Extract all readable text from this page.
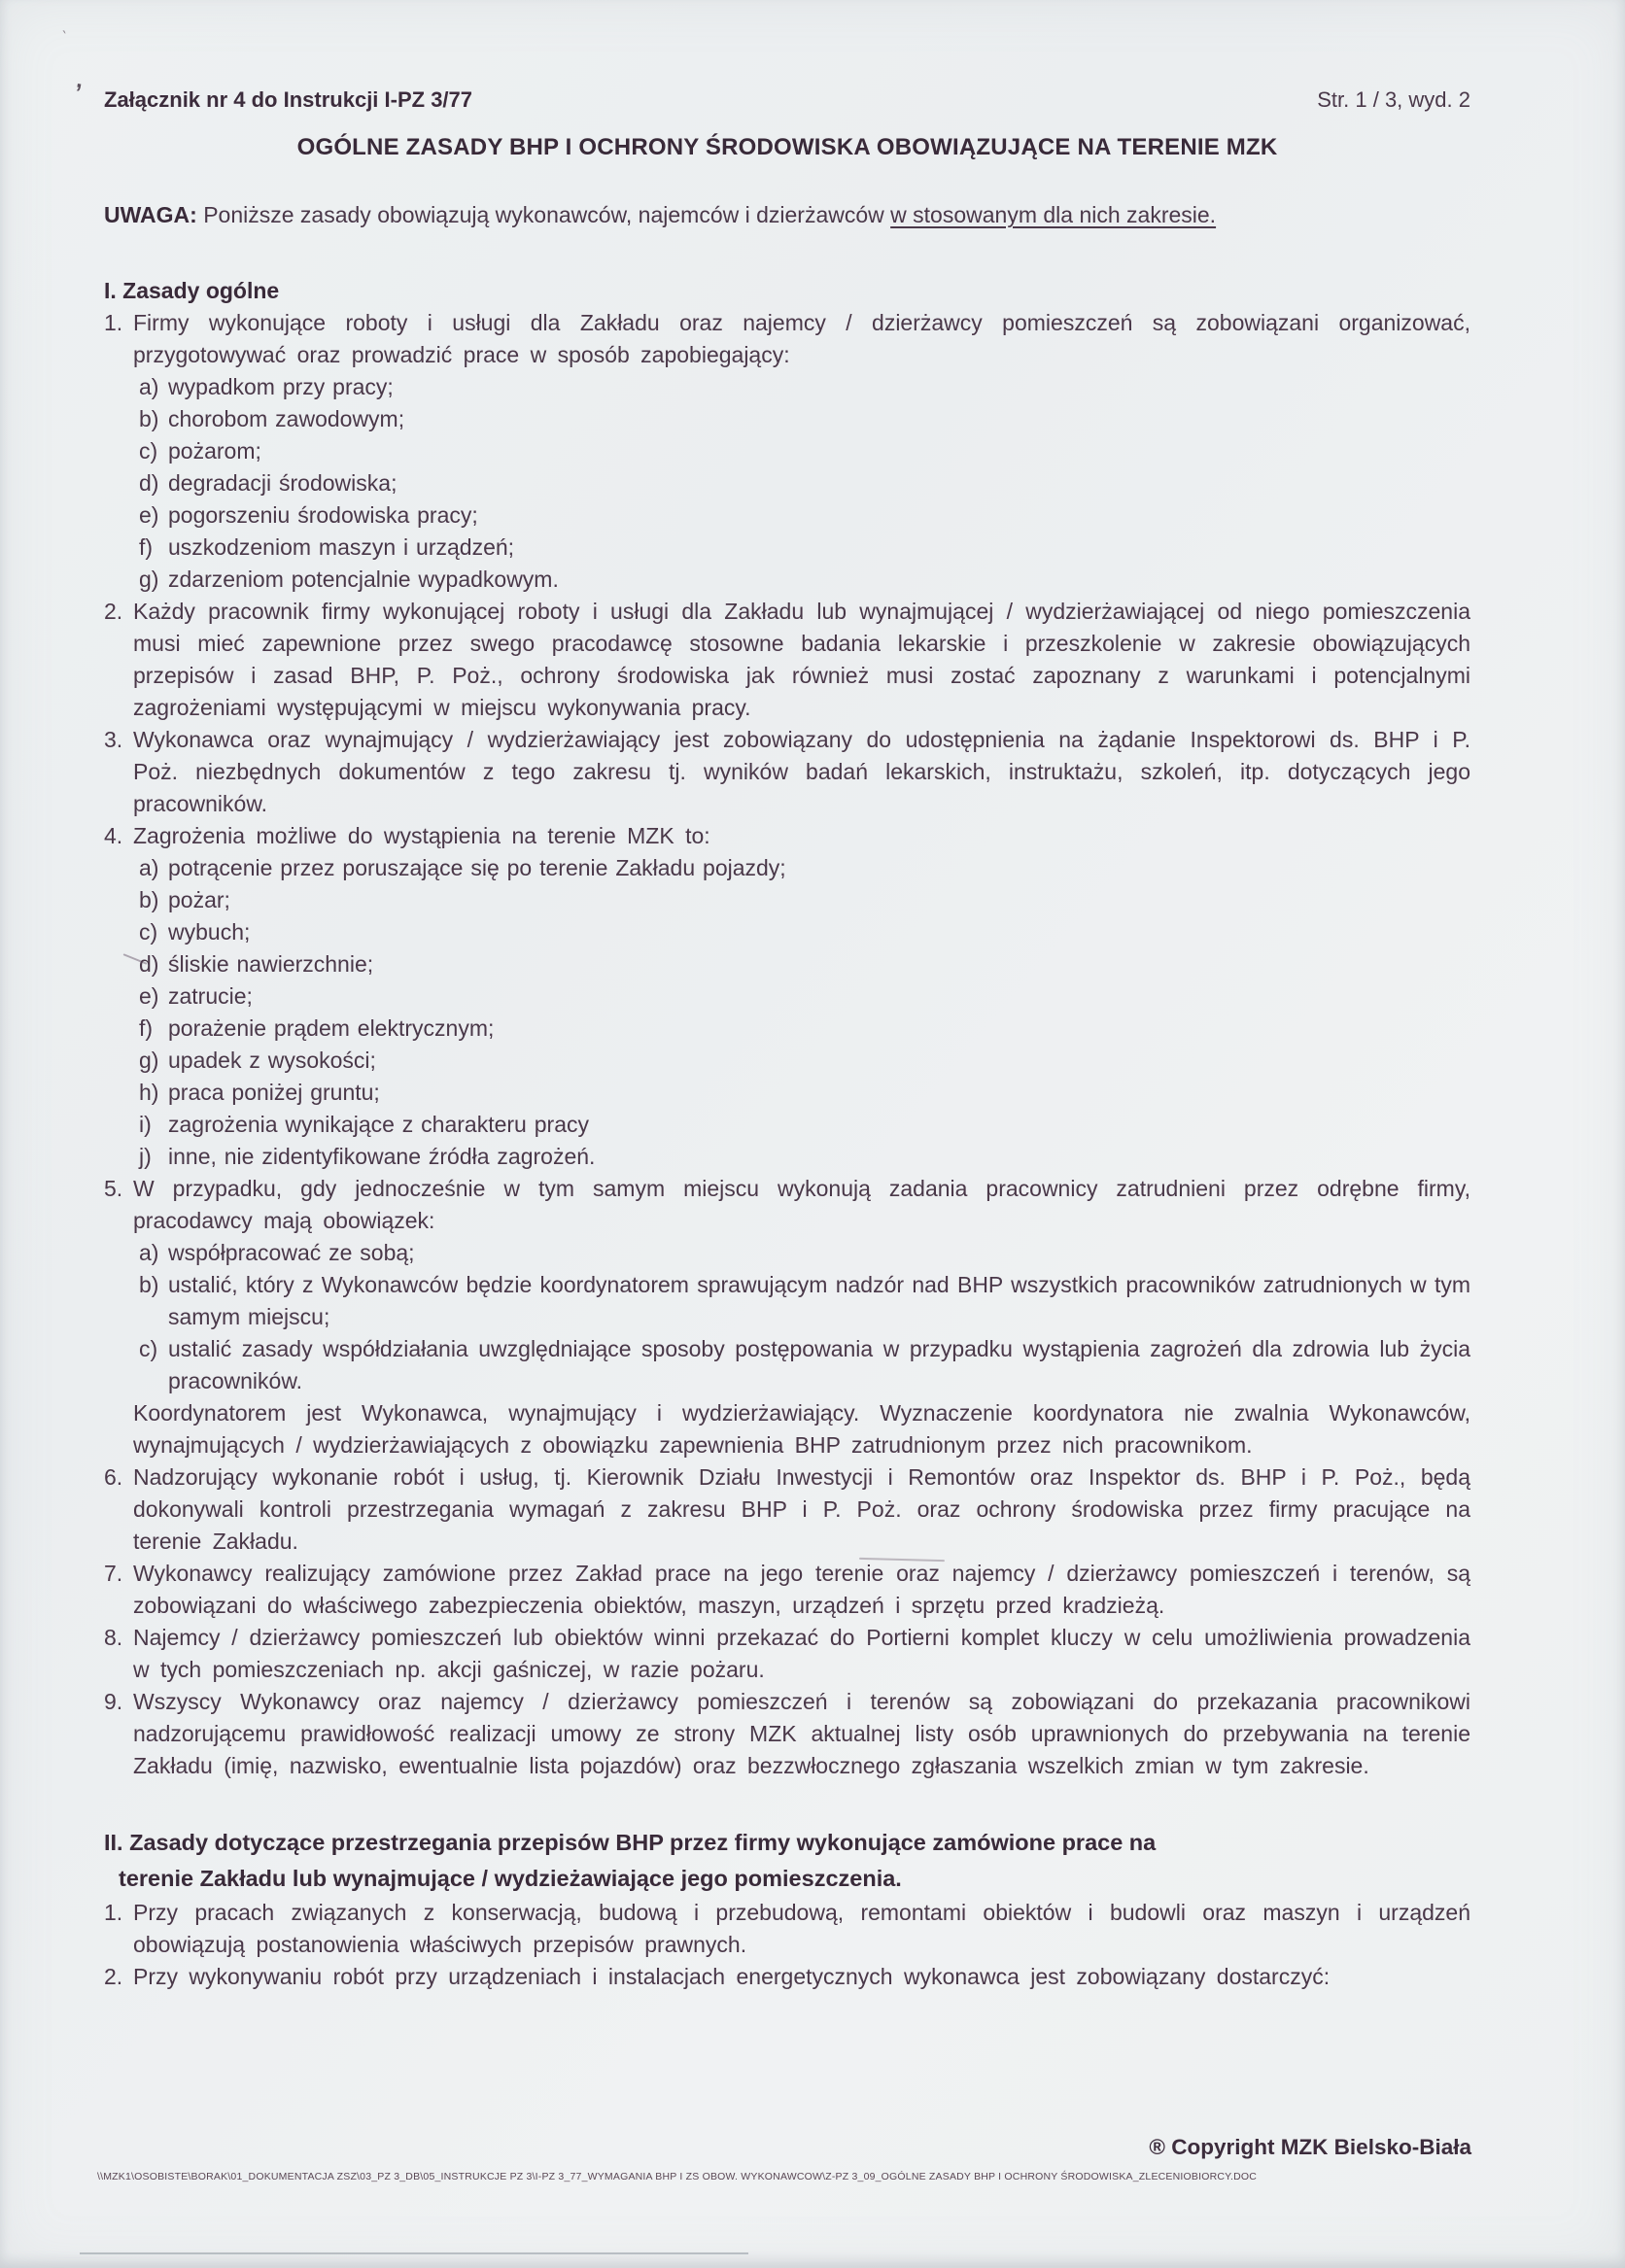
`
,
Załącznik nr 4 do Instrukcji I-PZ 3/77	Str. 1 / 3, wyd. 2
OGÓLNE ZASADY BHP I OCHRONY ŚRODOWISKA OBOWIĄZUJĄCE NA TERENIE MZK

UWAGA: Poniższe zasady obowiązują wykonawców, najemców i dzierżawców w stosowanym dla nich zakresie.

I. Zasady ogólne
1. Firmy wykonujące roboty i usługi dla Zakładu oraz najemcy / dzierżawcy pomieszczeń są zobowiązani organizować, przygotowywać oraz prowadzić prace w sposób zapobiegający:

a) wypadkom przy pracy;

b) chorobom zawodowym;

c) pożarom;

d) degradacji środowiska;

e) pogorszeniu środowiska pracy;

f) uszkodzeniom maszyn i urządzeń;

g) zdarzeniom potencjalnie wypadkowym.

2. Każdy pracownik firmy wykonującej roboty i usługi dla Zakładu lub wynajmującej / wydzierżawiającej od niego pomieszczenia musi mieć zapewnione przez swego pracodawcę stosowne badania lekarskie i przeszkolenie w zakresie obowiązujących przepisów i zasad BHP, P. Poż., ochrony środowiska jak również musi zostać zapoznany z warunkami i potencjalnymi zagrożeniami występującymi w miejscu wykonywania pracy.

3. Wykonawca oraz wynajmujący / wydzierżawiający jest zobowiązany do udostępnienia na żądanie Inspektorowi ds. BHP i P. Poż. niezbędnych dokumentów z tego zakresu tj. wyników badań lekarskich, instruktażu, szkoleń, itp. dotyczących jego pracowników.

4. Zagrożenia możliwe do wystąpienia na terenie MZK to:

a) potrącenie przez poruszające się po terenie Zakładu pojazdy;

b) pożar;

c) wybuch;

d) śliskie nawierzchnie;

e) zatrucie;

f) porażenie prądem elektrycznym;

g) upadek z wysokości;

h) praca poniżej gruntu;

i) zagrożenia wynikające z charakteru pracy

j) inne, nie zidentyfikowane źródła zagrożeń.

5. W przypadku, gdy jednocześnie w tym samym miejscu wykonują zadania pracownicy zatrudnieni przez odrębne firmy, pracodawcy mają obowiązek:

a) współpracować ze sobą;

b) ustalić, który z Wykonawców będzie koordynatorem sprawującym nadzór nad BHP wszystkich pracowników zatrudnionych w tym samym miejscu;

c) ustalić zasady współdziałania uwzględniające sposoby postępowania w przypadku wystąpienia zagrożeń dla zdrowia lub życia pracowników.

Koordynatorem jest Wykonawca, wynajmujący i wydzierżawiający. Wyznaczenie koordynatora nie zwalnia Wykonawców, wynajmujących / wydzierżawiających z obowiązku zapewnienia BHP zatrudnionym przez nich pracownikom.

6. Nadzorujący wykonanie robót i usług, tj. Kierownik Działu Inwestycji i Remontów oraz Inspektor ds. BHP i P. Poż., będą dokonywali kontroli przestrzegania wymagań z zakresu BHP i P. Poż. oraz ochrony środowiska przez firmy pracujące na terenie Zakładu.

7. Wykonawcy realizujący zamówione przez Zakład prace na jego terenie oraz najemcy / dzierżawcy pomieszczeń i terenów, są zobowiązani do właściwego zabezpieczenia obiektów, maszyn, urządzeń i sprzętu przed kradzieżą.

8. Najemcy / dzierżawcy pomieszczeń lub obiektów winni przekazać do Portierni komplet kluczy w celu umożliwienia prowadzenia w tych pomieszczeniach np. akcji gaśniczej, w razie pożaru.

9. Wszyscy Wykonawcy oraz najemcy / dzierżawcy pomieszczeń i terenów są zobowiązani do przekazania pracownikowi nadzorującemu prawidłowość realizacji umowy ze strony MZK aktualnej listy osób uprawnionych do przebywania na terenie Zakładu (imię, nazwisko, ewentualnie lista pojazdów) oraz bezzwłocznego zgłaszania wszelkich zmian w tym zakresie.

II. Zasady dotyczące przestrzegania przepisów BHP przez firmy wykonujące zamówione prace na
terenie Zakładu lub wynajmujące / wydzieżawiające jego pomieszczenia.
1. Przy pracach związanych z konserwacją, budową i przebudową, remontami obiektów i budowli oraz maszyn i urządzeń obowiązują postanowienia właściwych przepisów prawnych.

2. Przy wykonywaniu robót przy urządzeniach i instalacjach energetycznych wykonawca jest zobowiązany dostarczyć:

® Copyright MZK Bielsko-Biała
\\MZK1\OSOBISTE\BORAK\01_DOKUMENTACJA ZSZ\03_PZ 3_DB\05_INSTRUKCJE PZ 3\I-PZ 3_77_WYMAGANIA BHP I ZS OBOW. WYKONAWCOW\Z-PZ 3_09_OGÓLNE ZASADY BHP I OCHRONY ŚRODOWISKA_ZLECENIOBIORCY.DOC
